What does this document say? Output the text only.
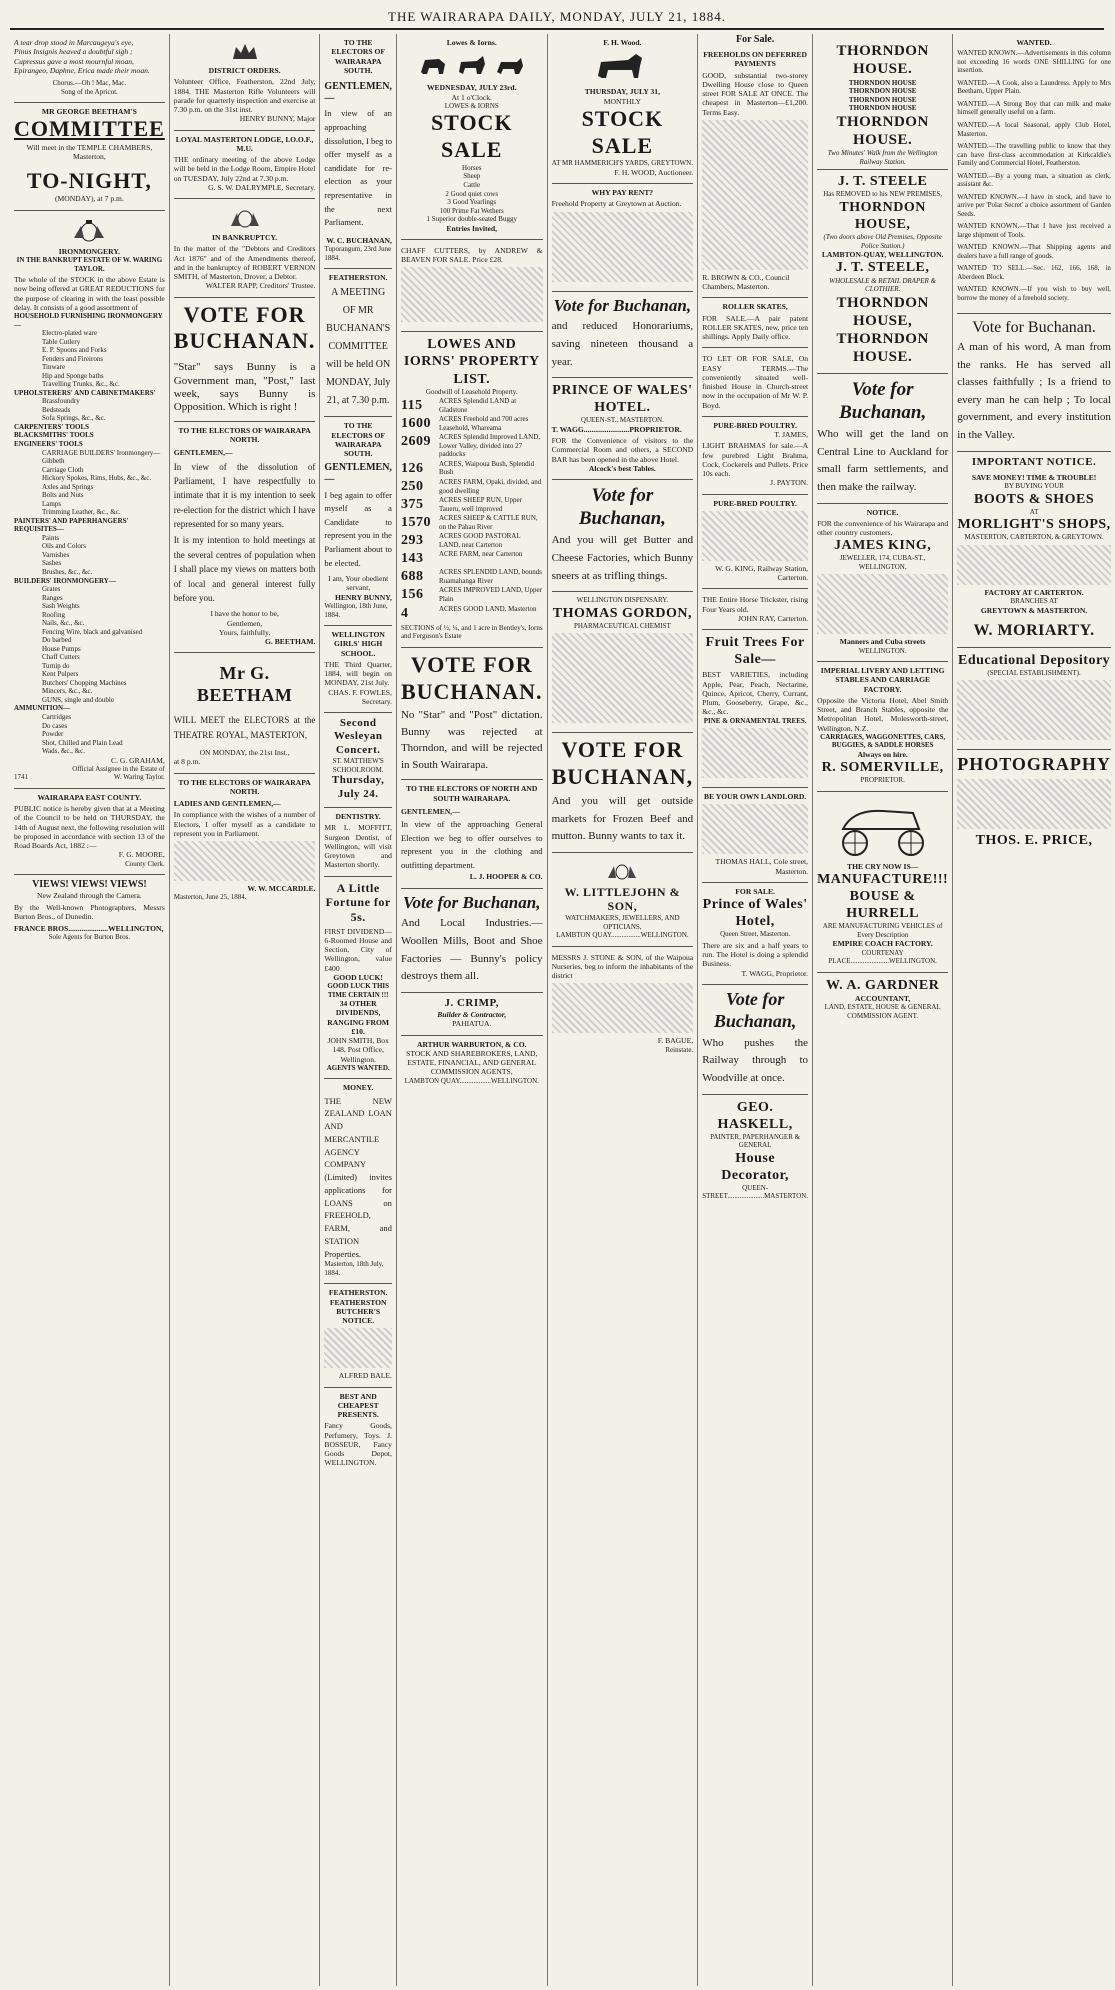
THE WAIRARAPA DAILY, MONDAY, JULY 21, 1884.
A tear drop stood in Marcaugeya's eye,
Pinus Insignis heaved a doubtful sigh ;
Cupressus gave a most mournful moan,
Epirangeo, Daphne, Erica made their moan.
Chorus.—Oh ! Mac, Mac.
Song of the Apricot.
MR GEORGE BEETHAM'S
COMMITTEE
Will meet in the TEMPLE CHAMBERS, Masterton,
TO-NIGHT,
(MONDAY), at 7 p.m.
IRONMONGERY.
IN THE BANKRUPT ESTATE OF W. WARING TAYLOR.
The whole of the STOCK in the above Estate is now being offered at GREAT REDUCTIONS for the purpose of clearing in with the least possible delay. It consists of a good assortment of
HOUSEHOLD FURNISHING IRONMONGERY—
Electro-plated ware
Table Cutlery
E. P. Spoons and Forks
Fenders and Fireirons
Tinware
Hip and Sponge baths
Travelling Trunks, &c., &c.
UPHOLSTERERS' AND CABINETMAKERS'
Brassfoundry
Bedsteads
Sofa Springs, &c., &c.
CARPENTERS' TOOLS
BLACKSMITHS' TOOLS
ENGINEERS' TOOLS
CARRIAGE BUILDERS' Ironmongery—
Gibbeth
Carriage Cloth
Hickory Spokes, Rims, Hubs, &c., &c.
Axles and Springs
Bolts and Nuts
Lamps
Trimming Leather, &c., &c.
PAINTERS' AND PAPERHANGERS' REQUISITES—
Paints
Oils and Colors
Varnishes
Sashes
Brushes, &c., &c.
BUILDERS' IRONMONGERY—
Grates
Ranges
Sash Weights
Roofing
Nails, &c., &c.
Fencing Wire, black and galvanised
Do barbed
House Pumps
Chaff Cutters
Turnip do
Kent Pulpers
Butchers' Chopping Machines
Mincers, &c., &c.
GUNS, single and double
AMMUNITION—
Cartridges
Do cases
Powder
Shot, Chilled and Plain Lead
Wads, &c., &c.
C. G. GRAHAM,
Official Assignee in the Estate of
1741	W. Waring Taylor.
WAIRARAPA EAST COUNTY.
PUBLIC notice is hereby given that at a Meeting of the Council to be held on THURSDAY, the 14th of August next, the following resolution will be proposed in accordance with section 13 of the Road Boards Act, 1882 :—
F. G. MOORE,
County Clerk.
VIEWS! VIEWS! VIEWS!
New Zealand through the Camera.
By the Well-known Photographers, Messrs Burton Bros., of Dunedin.
FRANCE BROS.....................WELLINGTON,
Sole Agents for Burton Bros.
DISTRICT ORDERS.
Volunteer Office, Featherston, 22nd July, 1884. THE Masterton Rifle Volunteers will parade for quarterly inspection and exercise at 7.30 p.m. on the 31st inst.
HENRY BUNNY, Major
LOYAL MASTERTON LODGE, I.O.O.F., M.U.
THE ordinary meeting of the above Lodge will be held in the Lodge Room, Empire Hotel on TUESDAY, July 22nd at 7.30 p.m.
G. S. W. DALRYMPLE, Secretary.
IN BANKRUPTCY.
In the matter of the "Debtors and Creditors Act 1876" and of the Amendments thereof, and in the bankruptcy of ROBERT VERNON SMITH, of Masterton, Drover, a Debtor.
WALTER RAPP, Creditors' Trustee.
VOTE FOR
BUCHANAN.
"Star" says Bunny is a Government man, "Post," last week, says Bunny is Opposition. Which is right !
TO THE ELECTORS OF WAIRARAPA NORTH.
GENTLEMEN,—
In view of the dissolution of Parliament, I have respectfully to intimate that it is my intention to seek re-election for the district which I have represented for so many years.
It is my intention to hold meetings at the several centres of population when I shall place my views on matters both of local and general interest fully before you.
I have the honor to be,
Gentlemen,
Yours, faithfully,
G. BEETHAM.
Mr G. BEETHAM
WILL MEET the ELECTORS at the THEATRE ROYAL, MASTERTON,
ON MONDAY, the 21st Inst.,
at 8 p.m.
TO THE ELECTORS OF WAIRARAPA NORTH.
LADIES AND GENTLEMEN,—
In compliance with the wishes of a number of Electors, I offer myself as a candidate to represent you in Parliament.
W. W. MCCARDLE.
Masterton, June 25, 1884.
TO THE ELECTORS OF WAIRARAPA SOUTH.
GENTLEMEN,—
In view of an approaching dissolution, I beg to offer myself as a candidate for re-election as your representative in the next Parliament.
W. C. BUCHANAN,
Tuporangum, 23rd June 1884.
FEATHERSTON.
A MEETING OF MR BUCHANAN'S COMMITTEE will be held ON MONDAY, July 21, at 7.30 p.m.
TO THE ELECTORS OF WAIRARAPA SOUTH.
GENTLEMEN,—
I beg again to offer myself as a Candidate to represent you in the Parliament about to be elected.
I am, Your obedient servant,
HENRY BUNNY,
Wellington, 18th June, 1884.
WELLINGTON GIRLS' HIGH SCHOOL.
THE Third Quarter, 1884, will begin on MONDAY, 21st July.
CHAS. F. FOWLES, Secretary.
Second Wesleyan Concert.
ST. MATTHEW'S SCHOOLROOM.
Thursday, July 24.
DENTISTRY.
MR L. MOFFITT, Surgeon Dentist, of Wellington, will visit Greytown and Masterton shortly.
A Little Fortune for 5s.
FIRST DIVIDEND— 6-Roomed House and Section, City of Wellington, value £400
GOOD LUCK!
GOOD LUCK THIS TIME CERTAIN !!!
34 OTHER DIVIDENDS, RANGING FROM £10.
JOHN SMITH, Box 148, Post Office, Wellington.
AGENTS WANTED.
MONEY.
THE NEW ZEALAND LOAN AND MERCANTILE AGENCY COMPANY (Limited) invites applications for LOANS on FREEHOLD, FARM, and STATION Properties.
Masterton, 18th July, 1884.
FEATHERSTON. FEATHERSTON
BUTCHER'S NOTICE.
ALFRED BALE.
BEST AND CHEAPEST PRESENTS.
Fancy Goods, Perfumery, Toys. J. BOSSEUR, Fancy Goods Depot, WELLINGTON.
Lowes & Iorns.
WEDNESDAY, JULY 23rd.
At 1 o'Clock.
LOWES & IORNS
STOCK SALE
Horses
Sheep
Cattle
2 Good quiet cows
3 Good Yearlings
100 Prime Fat Wethers
1 Superior double-seated Buggy
Entries Invited,
CHAFF CUTTERS, by ANDREW & BEAVEN FOR SALE. Price £28.
LOWES AND IORNS' PROPERTY LIST.
Goodwill of Leasehold Property.
115	ACRES Splendid LAND at Gladstone
1600	ACRES Freehold and 700 acres Leasehold, Whareama
2609	ACRES Splendid Improved LAND, Lower Valley, divided into 27 paddocks
126	ACRES, Waipoua Bush, Splendid Bush
250	ACRES FARM, Opaki, divided, and good dwelling
375	ACRES SHEEP RUN, Upper Taueru, well improved
1570	ACRES SHEEP & CATTLE RUN, on the Pahau River
293	ACRES GOOD PASTORAL LAND, near Carterton
143	ACRE FARM, near Carterton
688	ACRES SPLENDID LAND, bounds Ruamahanga River
156	ACRES IMPROVED LAND, Upper Plain
4	ACRES GOOD LAND, Masterton
SECTIONS of ½, ¼, and 1 acre in Bentley's, Iorns and Ferguson's Estate
VOTE FOR
BUCHANAN.
No "Star" and "Post" dictation. Bunny was rejected at Thorndon, and will be rejected in South Wairarapa.
TO THE ELECTORS OF NORTH AND SOUTH WAIRARAPA.
GENTLEMEN,—
In view of the approaching General Election we beg to offer ourselves to represent you in the clothing and outfitting department.
L. J. HOOPER & CO.
Vote for Buchanan,
And Local Industries.— Woollen Mills, Boot and Shoe Factories — Bunny's policy destroys them all.
J. CRIMP,
Builder & Contractor,
PAHIATUA.
ARTHUR WARBURTON, & CO.
STOCK AND SHAREBROKERS, LAND, ESTATE, FINANCIAL, AND GENERAL COMMISSION AGENTS,
LAMBTON QUAY..................WELLINGTON.
F. H. Wood.
THURSDAY, JULY 31,
MONTHLY
STOCK SALE
AT MR HAMMERICH'S YARDS, GREYTOWN.
F. H. WOOD, Auctioneer.
WHY PAY RENT?
Freehold Property at Greytown at Auction.
Vote for Buchanan,
and reduced Honorariums, saving nineteen thousand a year.
PRINCE OF WALES' HOTEL.
QUEEN-ST., MASTERTON.
T. WAGG........................PROPRIETOR.
FOR the Convenience of visitors to the Commercial Room and others, a SECOND BAR has been opened in the above Hotel.
Alcock's best Tables.
Vote for Buchanan,
And you will get Butter and Cheese Factories, which Bunny sneers at as trifling things.
WELLINGTON DISPENSARY.
THOMAS GORDON,
PHARMACEUTICAL CHEMIST
VOTE FOR
BUCHANAN,
And you will get outside markets for Frozen Beef and mutton. Bunny wants to tax it.
W. LITTLEJOHN & SON,
WATCHMAKERS, JEWELLERS, AND OPTICIANS,
LAMBTON QUAY.................WELLINGTON.
MESSRS J. STONE & SON, of the Waipoua Nurseries, beg to inform the inhabitants of the district
F. BAGUE,
Reinstate.
For Sale.
FREEHOLDS ON DEFERRED PAYMENTS
GOOD, substantial two-storey Dwelling House close to Queen street FOR SALE AT ONCE. The cheapest in Masterton—£1,200. Terms Easy.
R. BROWN & CO., Council Chambers, Masterton.
ROLLER SKATES,
FOR SALE.—A pair patent ROLLER SKATES, new, price ten shillings. Apply Daily office.
TO LET OR FOR SALE, On EASY TERMS.—The conveniently situated well-finished House in Church-street now in the occupation of Mr W. P. Boyd.
PURE-BRED POULTRY.
T. JAMES,
LIGHT BRAHMAS for sale.—A few purebred Light Brahma, Cock, Cockerels and Pullets. Price 10s each.
J. PAYTON.
PURE-BRED POULTRY.
W. G. KING, Railway Station, Carterton.
THE Entire Horse Trickster, rising Four Years old.
JOHN RAY, Carterton.
Fruit Trees For Sale—
BEST VARIETIES, including Apple, Pear, Peach, Nectarine, Quince, Apricot, Cherry, Currant, Plum, Gooseberry, Grape, &c., &c., &c.
PINE & ORNAMENTAL TREES.
BE YOUR OWN LANDLORD.
THOMAS HALL, Cole street, Masterton.
FOR SALE.
Prince of Wales' Hotel,
Queen Street, Masterton.
There are six and a half years to run. The Hotel is doing a splendid Business.
T. WAGG, Proprietor.
Vote for Buchanan,
Who pushes the Railway through to Woodville at once.
GEO. HASKELL,
PAINTER, PAPERHANGER & GENERAL
House Decorator,
QUEEN-STREET.....................MASTERTON.
THORNDON HOUSE.
THORNDON HOUSE
THORNDON HOUSE
THORNDON HOUSE
THORNDON HOUSE
THORNDON HOUSE.
Two Minutes' Walk from the Wellington Railway Station.
J. T. STEELE
Has REMOVED to his NEW PREMISES,
THORNDON HOUSE,
(Two doors above Old Premises, Opposite Police Station.)
LAMBTON-QUAY, WELLINGTON.
J. T. STEELE,
WHOLESALE & RETAIL DRAPER & CLOTHIER.
THORNDON HOUSE,
THORNDON HOUSE.
Vote for Buchanan,
Who will get the land on Central Line to Auckland for small farm settlements, and then make the railway.
NOTICE.
FOR the convenience of his Wairarapa and other country customers,
JAMES KING,
JEWELLER, 174, CUBA-ST., WELLINGTON,
Manners and Cuba streets
WELLINGTON.
IMPERIAL LIVERY AND LETTING STABLES AND CARRIAGE FACTORY.
Opposite the Victoria Hotel, Abel Smith Street, and Branch Stables, opposite the Metropolitan Hotel, Molesworth-street, Wellington, N.Z.
CARRIAGES, WAGGONETTES, CARS, BUGGIES, & SADDLE HORSES
Always on hire.
R. SOMERVILLE,
PROPRIETOR.
THE CRY NOW IS—
MANUFACTURE!!!
BOUSE & HURRELL
ARE MANUFACTURING VEHICLES of Every Description
EMPIRE COACH FACTORY.
COURTENAY PLACE......................WELLINGTON.
W. A. GARDNER
ACCOUNTANT,
LAND, ESTATE, HOUSE & GENERAL COMMISSION AGENT.
WANTED.
WANTED KNOWN.—Advertisements in this column not exceeding 16 words ONE SHILLING for one insertion.
WANTED.—A Cook, also a Laundress. Apply to Mrs Beetham, Upper Plain.
WANTED.—A Strong Boy that can milk and make himself generally useful on a farm.
WANTED.—A local Seasonal, apply Club Hotel, Masterton.
WANTED.—The travelling public to know that they can have first-class accommodation at Kirkcaldie's Family and Commercial Hotel, Featherston.
WANTED.—By a young man, a situation as clerk, assistant &c.
WANTED KNOWN.—I have in stock, and have to arrive per 'Polar Secret' a choice assortment of Garden Seeds.
WANTED KNOWN.—That I have just received a large shipment of Tools.
WANTED KNOWN.—That Shipping agents and dealers have a full range of goods.
WANTED TO SELL.—Sec. 162, 166, 168, in Aberdeen Block.
WANTED KNOWN.—If you wish to buy well, borrow the money of a freehold society.
Vote for Buchanan.
A man of his word, A man from the ranks. He has served all classes faithfully ; Is a friend to every man he can help ; To local government, and every institution in the Valley.
IMPORTANT NOTICE.
SAVE MONEY! TIME & TROUBLE!
BY BUYING YOUR
BOOTS & SHOES
AT
MORLIGHT'S SHOPS,
MASTERTON, CARTERTON, & GREYTOWN.
FACTORY AT CARTERTON.
BRANCHES AT
GREYTOWN & MASTERTON.
W. MORIARTY.
Educational Depository
(SPECIAL ESTABLISHMENT).
PHOTOGRAPHY
THOS. E. PRICE,
